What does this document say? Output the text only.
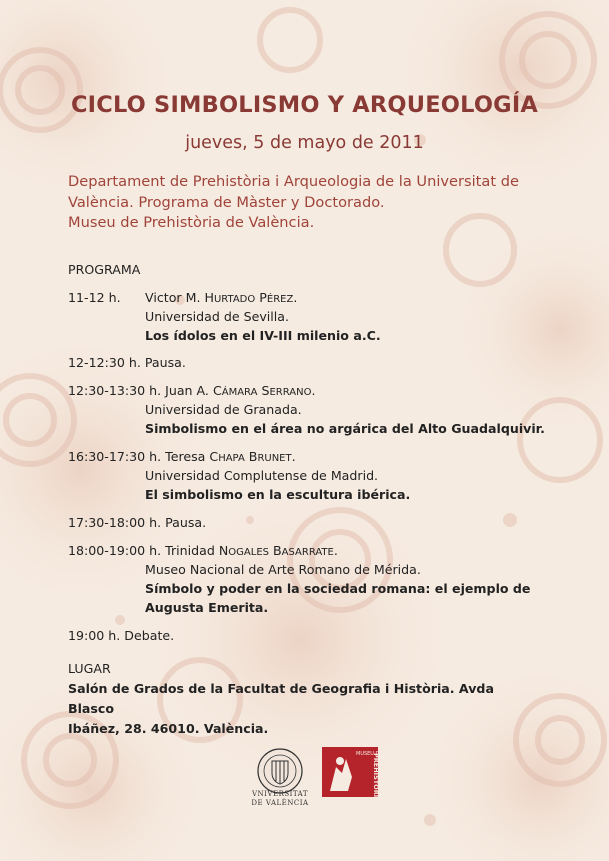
CICLO SIMBOLISMO Y ARQUEOLOGÍA

jueves, 5 de mayo de 2011

Departament de Prehistòria i Arqueologia de la Universitat de
València. Programa de Màster y Doctorado.
Museu de Prehistòria de València.
PROGRAMA
11-12 h. Victor M. HURTADO PÉREZ.
Universidad de Sevilla.
Los ídolos en el IV-III milenio a.C.
12-12:30 h. Pausa.
12:30-13:30 h. Juan A. CÁMARA SERRANO.
Universidad de Granada.
Simbolismo en el área no argárica del Alto Guadalquivir.
16:30-17:30 h. Teresa CHAPA BRUNET.
Universidad Complutense de Madrid.
El simbolismo en la escultura ibérica.
17:30-18:00 h. Pausa.
18:00-19:00 h. Trinidad NOGALES BASARRATE.
Museo Nacional de Arte Romano de Mérida.
Símbolo y poder en la sociedad romana: el ejemplo de
Augusta Emerita.
19:00 h. Debate.
LUGAR
Salón de Grados de la Facultat de Geografia i Història. Avda Blasco
Ibáñez, 28. 46010. València.
VNIVERSITAT
DE VALÈNCIA
PREHISTÒRIA
MUSEU DE
